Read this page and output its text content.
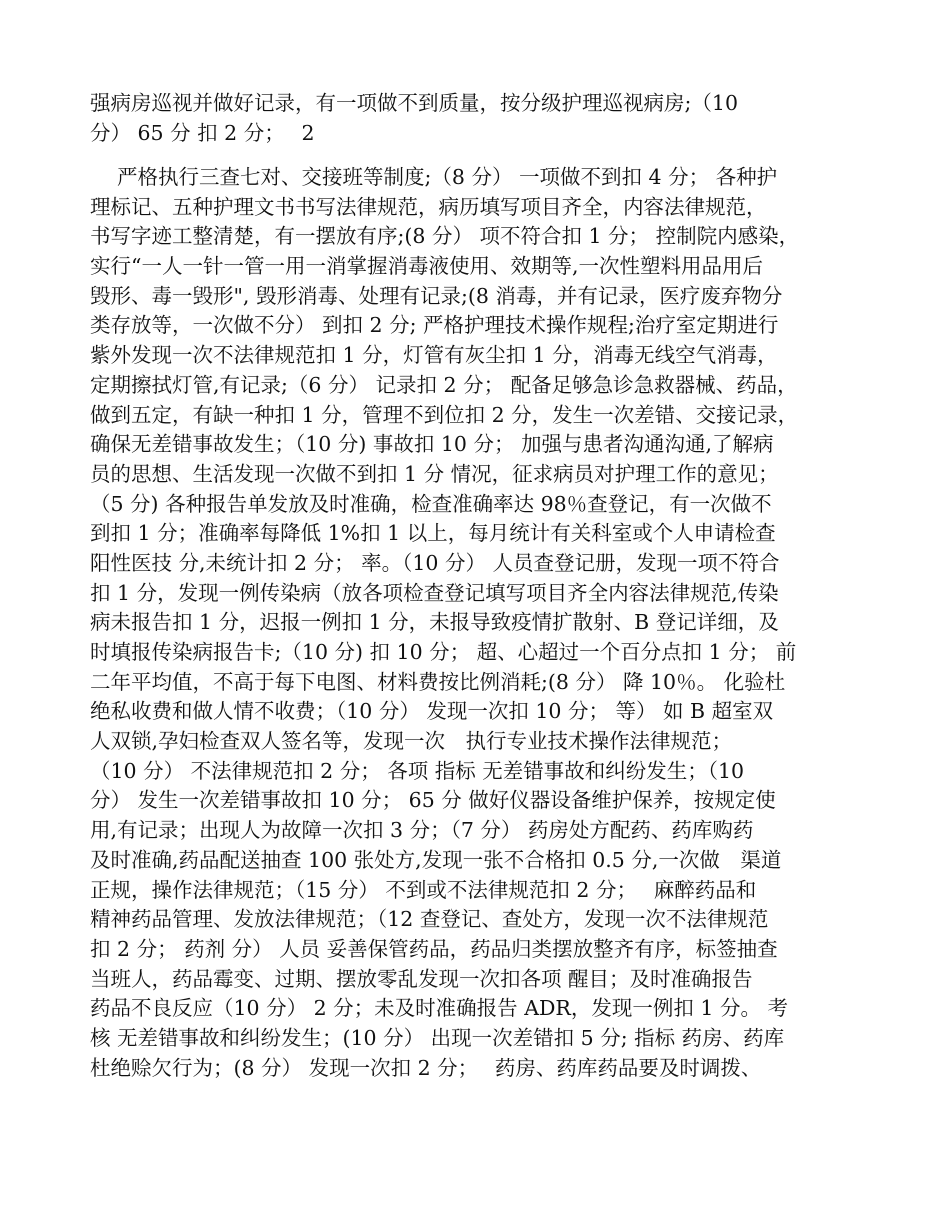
强病房巡视并做好记录，有一项做不到质量，按分级护理巡视病房;（10
分） 65 分 扣 2 分；　 2
　 严格执行三查七对、交接班等制度;（8 分） 一项做不到扣 4 分； 各种护
理标记、五种护理文书书写法律规范，病历填写项目齐全，内容法律规范，
书写字迹工整清楚，有一摆放有序;(8 分） 项不符合扣 1 分； 控制院内感染，
实行“一人一针一管一用一消掌握消毒液使用、效期等,一次性塑料用品用后
毁形、毒一毁形", 毁形消毒、处理有记录;(8 消毒，并有记录，医疗废弃物分
类存放等，一次做不分） 到扣 2 分; 严格护理技术操作规程;治疗室定期进行
紫外发现一次不法律规范扣 1 分，灯管有灰尘扣 1 分，消毒无线空气消毒，
定期擦拭灯管,有记录;（6 分） 记录扣 2 分； 配备足够急诊急救器械、药品，
做到五定，有缺一种扣 1 分，管理不到位扣 2 分，发生一次差错、交接记录，
确保无差错事故发生；（10 分) 事故扣 10 分； 加强与患者沟通沟通,了解病
员的思想、生活发现一次做不到扣 1 分 情况，征求病员对护理工作的意见；
（5 分) 各种报告单发放及时准确，检查准确率达 98％查登记，有一次做不
到扣 1 分；准确率每降低 1%扣 1 以上，每月统计有关科室或个人申请检查
阳性医技 分,未统计扣 2 分； 率。（10 分） 人员查登记册，发现一项不符合
扣 1 分，发现一例传染病（放各项检查登记填写项目齐全内容法律规范,传染
病未报告扣 1 分，迟报一例扣 1 分，未报导致疫情扩散射、B 登记详细，及
时填报传染病报告卡;（10 分) 扣 10 分； 超、心超过一个百分点扣 1 分； 前
二年平均值，不高于每下电图、材料费按比例消耗;(8 分） 降 10％。 化验杜
绝私收费和做人情不收费；（10 分） 发现一次扣 10 分； 等） 如 B 超室双
人双锁,孕妇检查双人签名等，发现一次　执行专业技术操作法律规范；
（10 分） 不法律规范扣 2 分； 各项 指标 无差错事故和纠纷发生；（10
分） 发生一次差错事故扣 10 分； 65 分 做好仪器设备维护保养，按规定使
用,有记录；出现人为故障一次扣 3 分；（7 分） 药房处方配药、药库购药
及时准确,药品配送抽查 100 张处方,发现一张不合格扣 0.5 分,一次做　渠道
正规，操作法律规范；（15 分） 不到或不法律规范扣 2 分；　 麻醉药品和
精神药品管理、发放法律规范；（12 查登记、查处方，发现一次不法律规范
扣 2 分； 药剂 分） 人员 妥善保管药品，药品归类摆放整齐有序，标签抽查
当班人，药品霉变、过期、摆放零乱发现一次扣各项 醒目；及时准确报告
药品不良反应（10 分） 2 分；未及时准确报告 ADR，发现一例扣 1 分。 考
核 无差错事故和纠纷发生；(10 分） 出现一次差错扣 5 分; 指标 药房、药库
杜绝赊欠行为；(8 分） 发现一次扣 2 分；　 药房、药库药品要及时调拨、
